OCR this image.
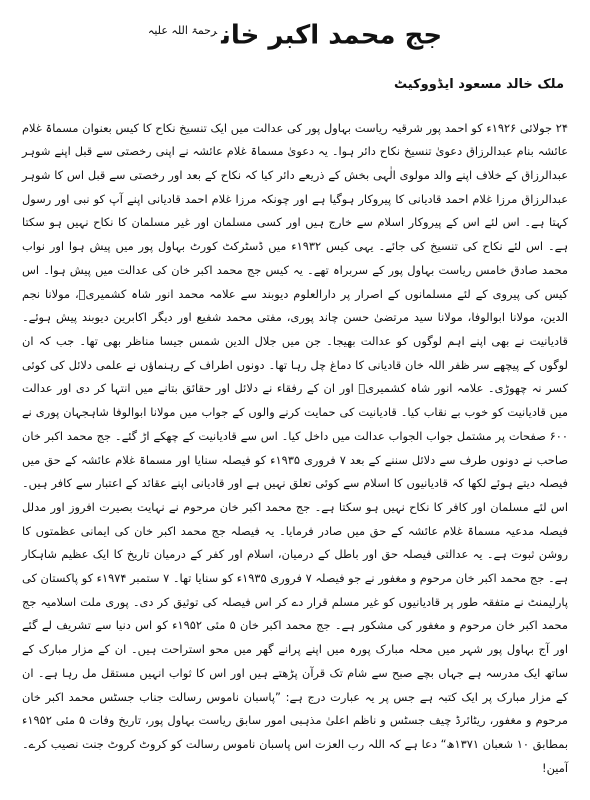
جج محمد اکبر خان$^{رحمۃ اللہ علیہ}$
ملک خالد مسعود ایڈووکیٹ

۲۴ جولائی ۱۹۲۶ء کو احمد پور شرقیہ ریاست بہاول پور کی عدالت میں ایک تنسیخ نکاح کا کیس بعنوان مسماۃ غلام عائشہ بنام عبدالرزاق دعویٰ تنسیخ نکاح دائر ہوا۔ یہ دعویٰ مسماۃ غلام عائشہ نے اپنی رخصتی سے قبل اپنے شوہر عبدالرزاق کے خلاف اپنے والد مولوی الٰہی بخش کے ذریعے دائر کیا کہ نکاح کے بعد اور رخصتی سے قبل اس کا شوہر عبدالرزاق مرزا غلام احمد قادیانی کا پیروکار ہوگیا ہے اور چونکہ مرزا غلام احمد قادیانی اپنے آپ کو نبی اور رسول کہتا ہے۔ اس لئے اس کے پیروکار اسلام سے خارج ہیں اور کسی مسلمان اور غیر مسلمان کا نکاح نہیں ہو سکتا ہے۔ اس لئے نکاح کی تنسیخ کی جائے۔ یہی کیس ۱۹۳۲ء میں ڈسٹرکٹ کورٹ بہاول پور میں پیش ہوا اور نواب محمد صادق خامس ریاست بہاول پور کے سربراہ تھے۔ یہ کیس جج محمد اکبر خان کی عدالت میں پیش ہوا۔ اس کیس کی پیروی کے لئے مسلمانوں کے اصرار پر دارالعلوم دیوبند سے علامہ محمد انور شاہ کشمیریؒ، مولانا نجم الدین، مولانا ابوالوفا، مولانا سید مرتضیٰ حسن چاند پوری، مفتی محمد شفیع اور دیگر اکابرین دیوبند پیش ہوئے۔ قادیانیت نے بھی اپنے اہم لوگوں کو عدالت بھیجا۔ جن میں جلال الدین شمس جیسا مناظر بھی تھا۔ جب کہ ان لوگوں کے پیچھے سر ظفر اللہ خان قادیانی کا دماغ چل رہا تھا۔ دونوں اطراف کے رہنماؤں نے علمی دلائل کی کوئی کسر نہ چھوڑی۔ علامہ انور شاہ کشمیریؒ اور ان کے رفقاء نے دلائل اور حقائق بتانے میں انتہا کر دی اور عدالت میں قادیانیت کو خوب بے نقاب کیا۔ قادیانیت کی حمایت کرنے والوں کے جواب میں مولانا ابوالوفا شاہجہان پوری نے ۶۰۰ صفحات پر مشتمل جواب الجواب عدالت میں داخل کیا۔ اس سے قادیانیت کے چھکے اڑ گئے۔ جج محمد اکبر خان صاحب نے دونوں طرف سے دلائل سننے کے بعد ۷ فروری ۱۹۳۵ء کو فیصلہ سنایا اور مسماۃ غلام عائشہ کے حق میں فیصلہ دیتے ہوئے لکھا کہ قادیانیوں کا اسلام سے کوئی تعلق نہیں ہے اور قادیانی اپنے عقائد کے اعتبار سے کافر ہیں۔ اس لئے مسلمان اور کافر کا نکاح نہیں ہو سکتا ہے۔ جج محمد اکبر خان مرحوم نے نہایت بصیرت افروز اور مدلل فیصلہ مدعیہ مسماۃ غلام عائشہ کے حق میں صادر فرمایا۔ یہ فیصلہ جج محمد اکبر خان کی ایمانی عظمتوں کا روشن ثبوت ہے۔ یہ عدالتی فیصلہ حق اور باطل کے درمیان، اسلام اور کفر کے درمیان تاریخ کا ایک عظیم شاہکار ہے۔ جج محمد اکبر خان مرحوم و مغفور نے جو فیصلہ ۷ فروری ۱۹۳۵ء کو سنایا تھا۔ ۷ ستمبر ۱۹۷۴ء کو پاکستان کی پارلیمنٹ نے متفقہ طور پر قادیانیوں کو غیر مسلم قرار دے کر اس فیصلہ کی توثیق کر دی۔ پوری ملت اسلامیہ جج محمد اکبر خان مرحوم و مغفور کی مشکور ہے۔ جج محمد اکبر خان ۵ مئی ۱۹۵۲ء کو اس دنیا سے تشریف لے گئے اور آج بہاول پور شہر میں محلہ مبارک پورہ میں اپنے پرانے گھر میں محو استراحت ہیں۔ ان کے مزار مبارک کے ساتھ ایک مدرسہ ہے جہاں بچے صبح سے شام تک قرآن پڑھتے ہیں اور اس کا ثواب انہیں مستقل مل رہا ہے۔ ان کے مزار مبارک پر ایک کتبہ ہے جس پر یہ عبارت درج ہے: ”پاسبان ناموس رسالت جناب جسٹس محمد اکبر خان مرحوم و مغفور، ریٹائرڈ چیف جسٹس و ناظم اعلیٰ مذہبی امور سابق ریاست بہاول پور، تاریخ وفات ۵ مئی ۱۹۵۲ء بمطابق ۱۰ شعبان ۱۳۷۱ھ“ دعا ہے کہ اللہ رب العزت اس پاسبان ناموس رسالت کو کروٹ کروٹ جنت نصیب کرے۔ آمین!
